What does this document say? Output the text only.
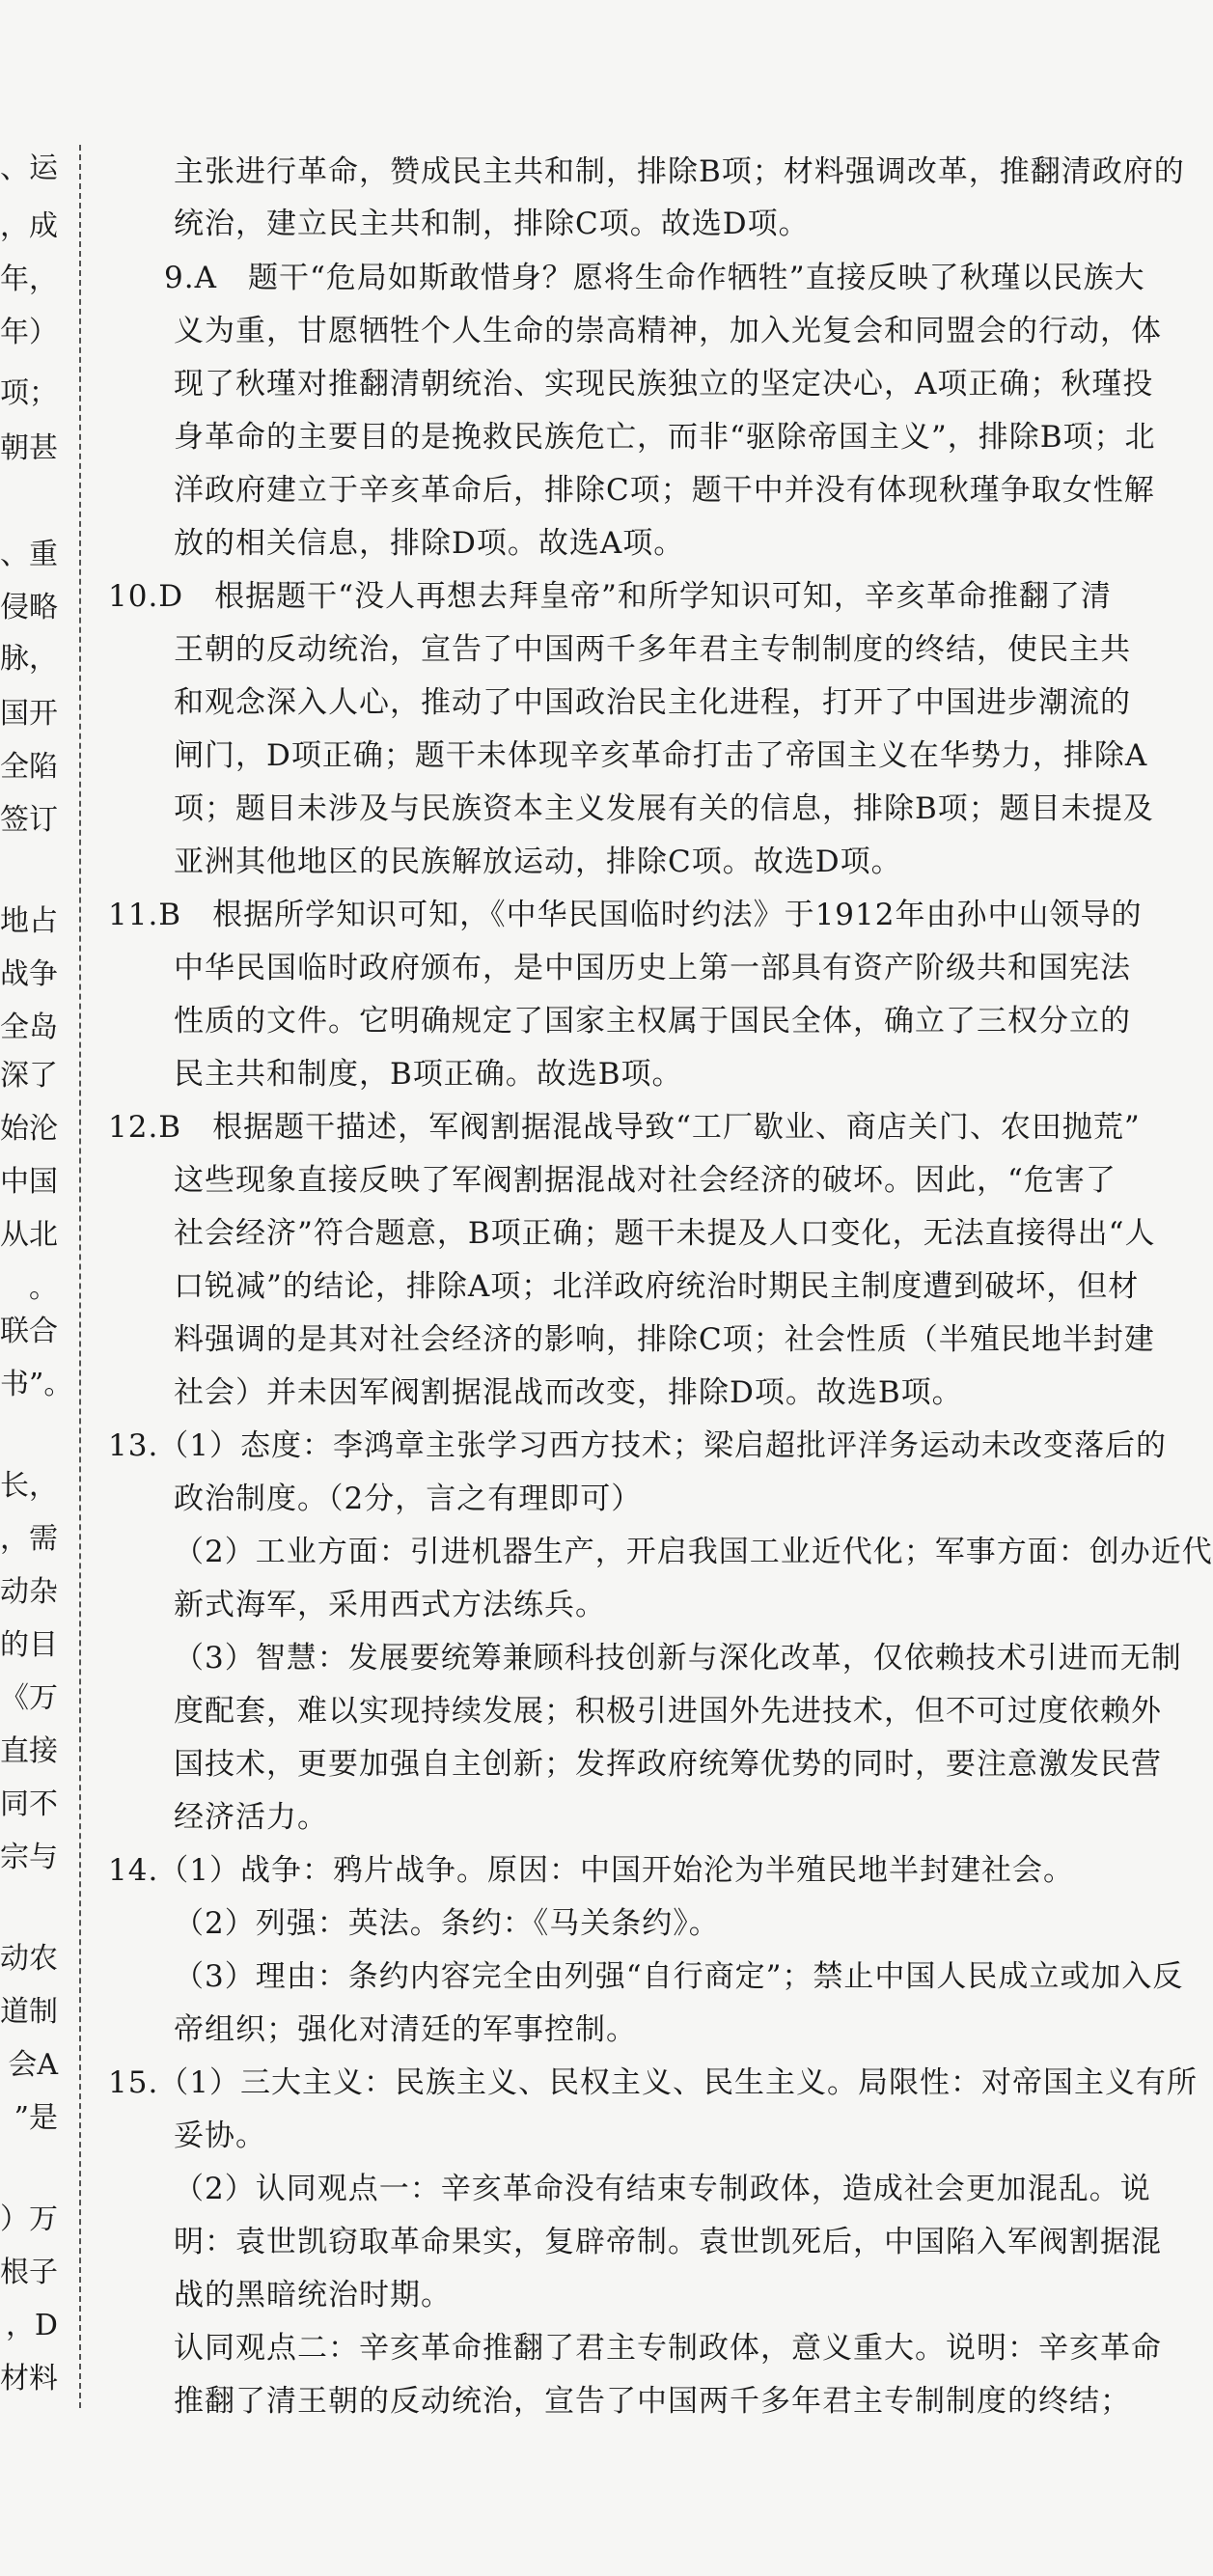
、运
，成
年，
年）
项；
朝甚
、重
侵略
脉，
国开
全陷
签订
地占
战争
全岛
深了
始沦
中国
从北
。
联合
书”。
长，
，需
动杂
的目
《万
直接
同不
宗与
动农
道制
会A
”是
）万
根子
，D
材料
主张进行革命，赞成民主共和制，排除B项；材料强调改革，推翻清政府的
统治，建立民主共和制，排除C项。故选D项。
9.A　题干“危局如斯敢惜身？愿将生命作牺牲”直接反映了秋瑾以民族大
义为重，甘愿牺牲个人生命的崇高精神，加入光复会和同盟会的行动，体
现了秋瑾对推翻清朝统治、实现民族独立的坚定决心，A项正确；秋瑾投
身革命的主要目的是挽救民族危亡，而非“驱除帝国主义”，排除B项；北
洋政府建立于辛亥革命后，排除C项；题干中并没有体现秋瑾争取女性解
放的相关信息，排除D项。故选A项。
10.D　根据题干“没人再想去拜皇帝”和所学知识可知，辛亥革命推翻了清
王朝的反动统治，宣告了中国两千多年君主专制制度的终结，使民主共
和观念深入人心，推动了中国政治民主化进程，打开了中国进步潮流的
闸门，D项正确；题干未体现辛亥革命打击了帝国主义在华势力，排除A
项；题目未涉及与民族资本主义发展有关的信息，排除B项；题目未提及
亚洲其他地区的民族解放运动，排除C项。故选D项。
11.B　根据所学知识可知，《中华民国临时约法》于1912年由孙中山领导的
中华民国临时政府颁布，是中国历史上第一部具有资产阶级共和国宪法
性质的文件。它明确规定了国家主权属于国民全体，确立了三权分立的
民主共和制度，B项正确。故选B项。
12.B　根据题干描述，军阀割据混战导致“工厂歇业、商店关门、农田抛荒”
这些现象直接反映了军阀割据混战对社会经济的破坏。因此，“危害了
社会经济”符合题意，B项正确；题干未提及人口变化，无法直接得出“人
口锐减”的结论，排除A项；北洋政府统治时期民主制度遭到破坏，但材
料强调的是其对社会经济的影响，排除C项；社会性质（半殖民地半封建
社会）并未因军阀割据混战而改变，排除D项。故选B项。
13.（1）态度：李鸿章主张学习西方技术；梁启超批评洋务运动未改变落后的
政治制度。（2分，言之有理即可）
（2）工业方面：引进机器生产，开启我国工业近代化；军事方面：创办近代
新式海军，采用西式方法练兵。
（3）智慧：发展要统筹兼顾科技创新与深化改革，仅依赖技术引进而无制
度配套，难以实现持续发展；积极引进国外先进技术，但不可过度依赖外
国技术，更要加强自主创新；发挥政府统筹优势的同时，要注意激发民营
经济活力。
14.（1）战争：鸦片战争。原因：中国开始沦为半殖民地半封建社会。
（2）列强：英法。条约：《马关条约》。
（3）理由：条约内容完全由列强“自行商定”；禁止中国人民成立或加入反
帝组织；强化对清廷的军事控制。
15.（1）三大主义：民族主义、民权主义、民生主义。局限性：对帝国主义有所
妥协。
（2）认同观点一：辛亥革命没有结束专制政体，造成社会更加混乱。说
明：袁世凯窃取革命果实，复辟帝制。袁世凯死后，中国陷入军阀割据混
战的黑暗统治时期。
认同观点二：辛亥革命推翻了君主专制政体，意义重大。说明：辛亥革命
推翻了清王朝的反动统治，宣告了中国两千多年君主专制制度的终结；
